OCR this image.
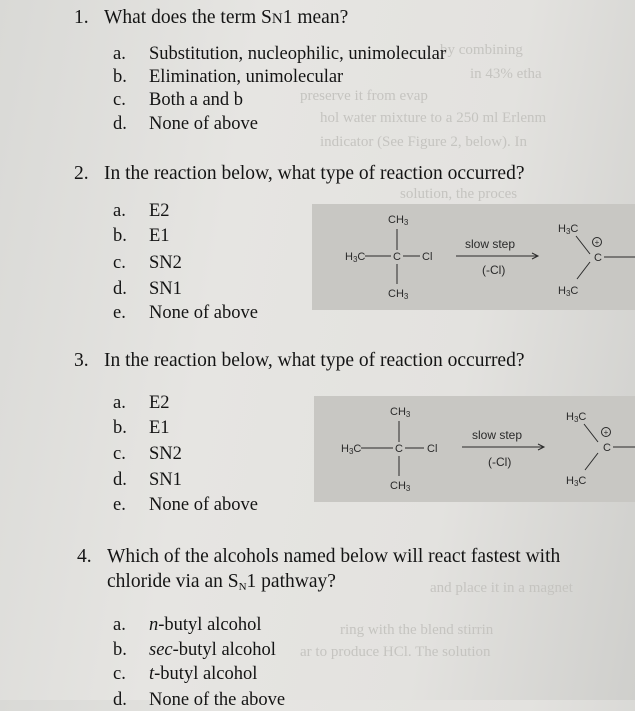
by combining
in 43% etha
preserve it from evap
hol water mixture to a 250 ml Erlenm
indicator (See Figure 2, below). In
solution, the proces
and place it in a magnet
ring with the blend stirrin
ar to produce HCl. The solution
1. What does the term SN1 mean?
a. Substitution, nucleophilic, unimolecular
b. Elimination, unimolecular
c. Both a and b
d. None of above
2. In the reaction below, what type of reaction occurred?
a. E2
b. E1
c. SN2
d. SN1
e. None of above
CH3
H3C	C Cl
CH3
slow step
(-Cl)
H3C
+
C
H3C
3. In the reaction below, what type of reaction occurred?
a. E2
b. E1
c. SN2
d. SN1
e. None of above
CH3
H3C	C Cl
CH3
slow step
(-Cl)
H3C
+
C
H3C
4. Which of the alcohols named below will react fastest with
chloride via an $S_N1$ pathway?
a. n-butyl alcohol
b. sec-butyl alcohol
c. t-butyl alcohol
d. None of the above
